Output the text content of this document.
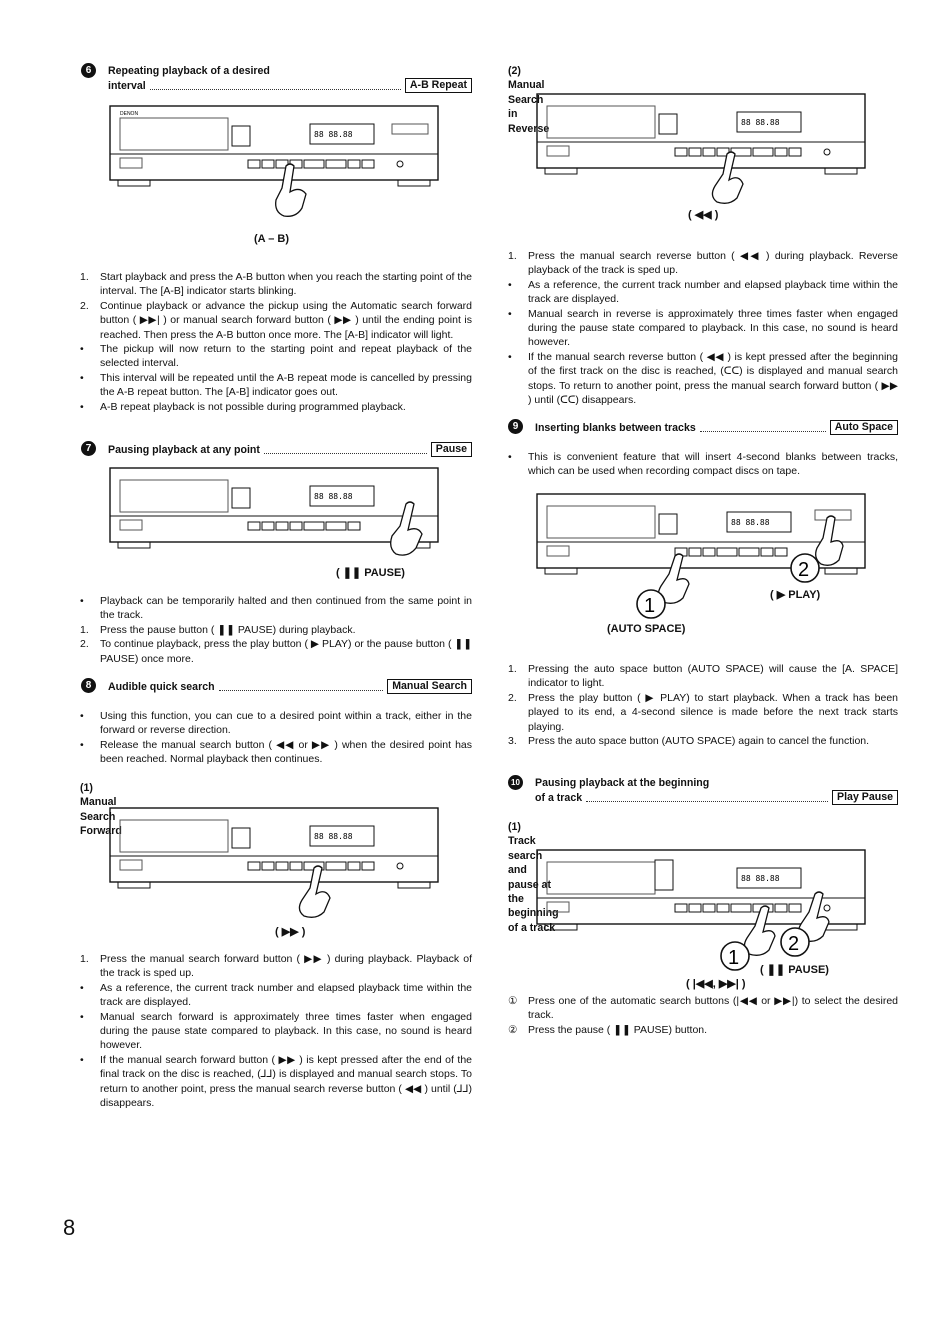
6	Repeating playback of a desired
interval	A-B Repeat
88 88.88
DENON
(A – B)
1. Start playback and press the A-B button when you reach the starting point of the interval. The [A-B] indicator starts blinking.
2. Continue playback or advance the pickup using the Automatic search forward button ( ▶▶| ) or manual search forward button ( ▶▶ ) until the ending point is reached. Then press the A-B button once more. The [A-B] indicator will light.
• The pickup will now return to the starting point and repeat playback of the selected interval.
• This interval will be repeated until the A-B repeat mode is cancelled by pressing the A-B repeat button. The [A-B] indicator goes out.
• A-B repeat playback is not possible during programmed playback.
7	Pausing playback at any point	Pause
88 88.88
( ❚❚ PAUSE)
• Playback can be temporarily halted and then continued from the same point in the track.
1. Press the pause button ( ❚❚ PAUSE) during playback.
2. To continue playback, press the play button ( ▶ PLAY) or the pause button ( ❚❚ PAUSE) once more.
8	Audible quick search	Manual Search
• Using this function, you can cue to a desired point within a track, either in the forward or reverse direction.
• Release the manual search button ( ◀◀ or ▶▶ ) when the desired point has been reached. Normal playback then continues.
(1)Manual Search Forward	88 88.88
( ▶▶ )
1. Press the manual search forward button ( ▶▶ ) during playback. Playback of the track is sped up.
• As a reference, the current track number and elapsed playback time within the track are displayed.
• Manual search forward is approximately three times faster when engaged during the pause state compared to playback. In this case, no sound is heard however.
• If the manual search forward button ( ▶▶ ) is kept pressed after the end of the final track on the disc is reached, (⅃⅃) is displayed and manual search stops. To return to another point, press the manual search reverse button ( ◀◀ ) until (⅃⅃) disappears.
(2)Manual Search in Reverse
88 88.88
( ◀◀ )
1. Press the manual search reverse button ( ◀◀ ) during playback. Reverse playback of the track is sped up.
• As a reference, the current track number and elapsed playback time within the track are displayed.
• Manual search in reverse is approximately three times faster when engaged during the pause state compared to playback. In this case, no sound is heard however.
• If the manual search reverse button ( ◀◀ ) is kept pressed after the beginning of the first track on the disc is reached, (ᑕᑕ) is displayed and manual search stops. To return to another point, press the manual search forward button ( ▶▶ ) until (ᑕᑕ) disappears.
9	Inserting blanks between tracks	Auto Space
• This is convenient feature that will insert 4-second blanks between tracks, which can be used when recording compact discs on tape.
88 88.88
1
2
( ▶ PLAY)
(AUTO SPACE)
1. Pressing the auto space button (AUTO SPACE) will cause the [A. SPACE] indicator to light.
2. Press the play button ( ▶ PLAY) to start playback. When a track has been played to its end, a 4-second silence is made before the next track starts playing.
3. Press the auto space button (AUTO SPACE) again to cancel the function.
10 Pausing playback at the beginning
of a track	Play Pause
(1)Track search and pause at the beginning of a track
88 88.88
1
2
( ❚❚ PAUSE)
( |◀◀, ▶▶| )
① Press one of the automatic search buttons (|◀◀ or ▶▶|) to select the desired track.
② Press the pause ( ❚❚ PAUSE) button.
8
